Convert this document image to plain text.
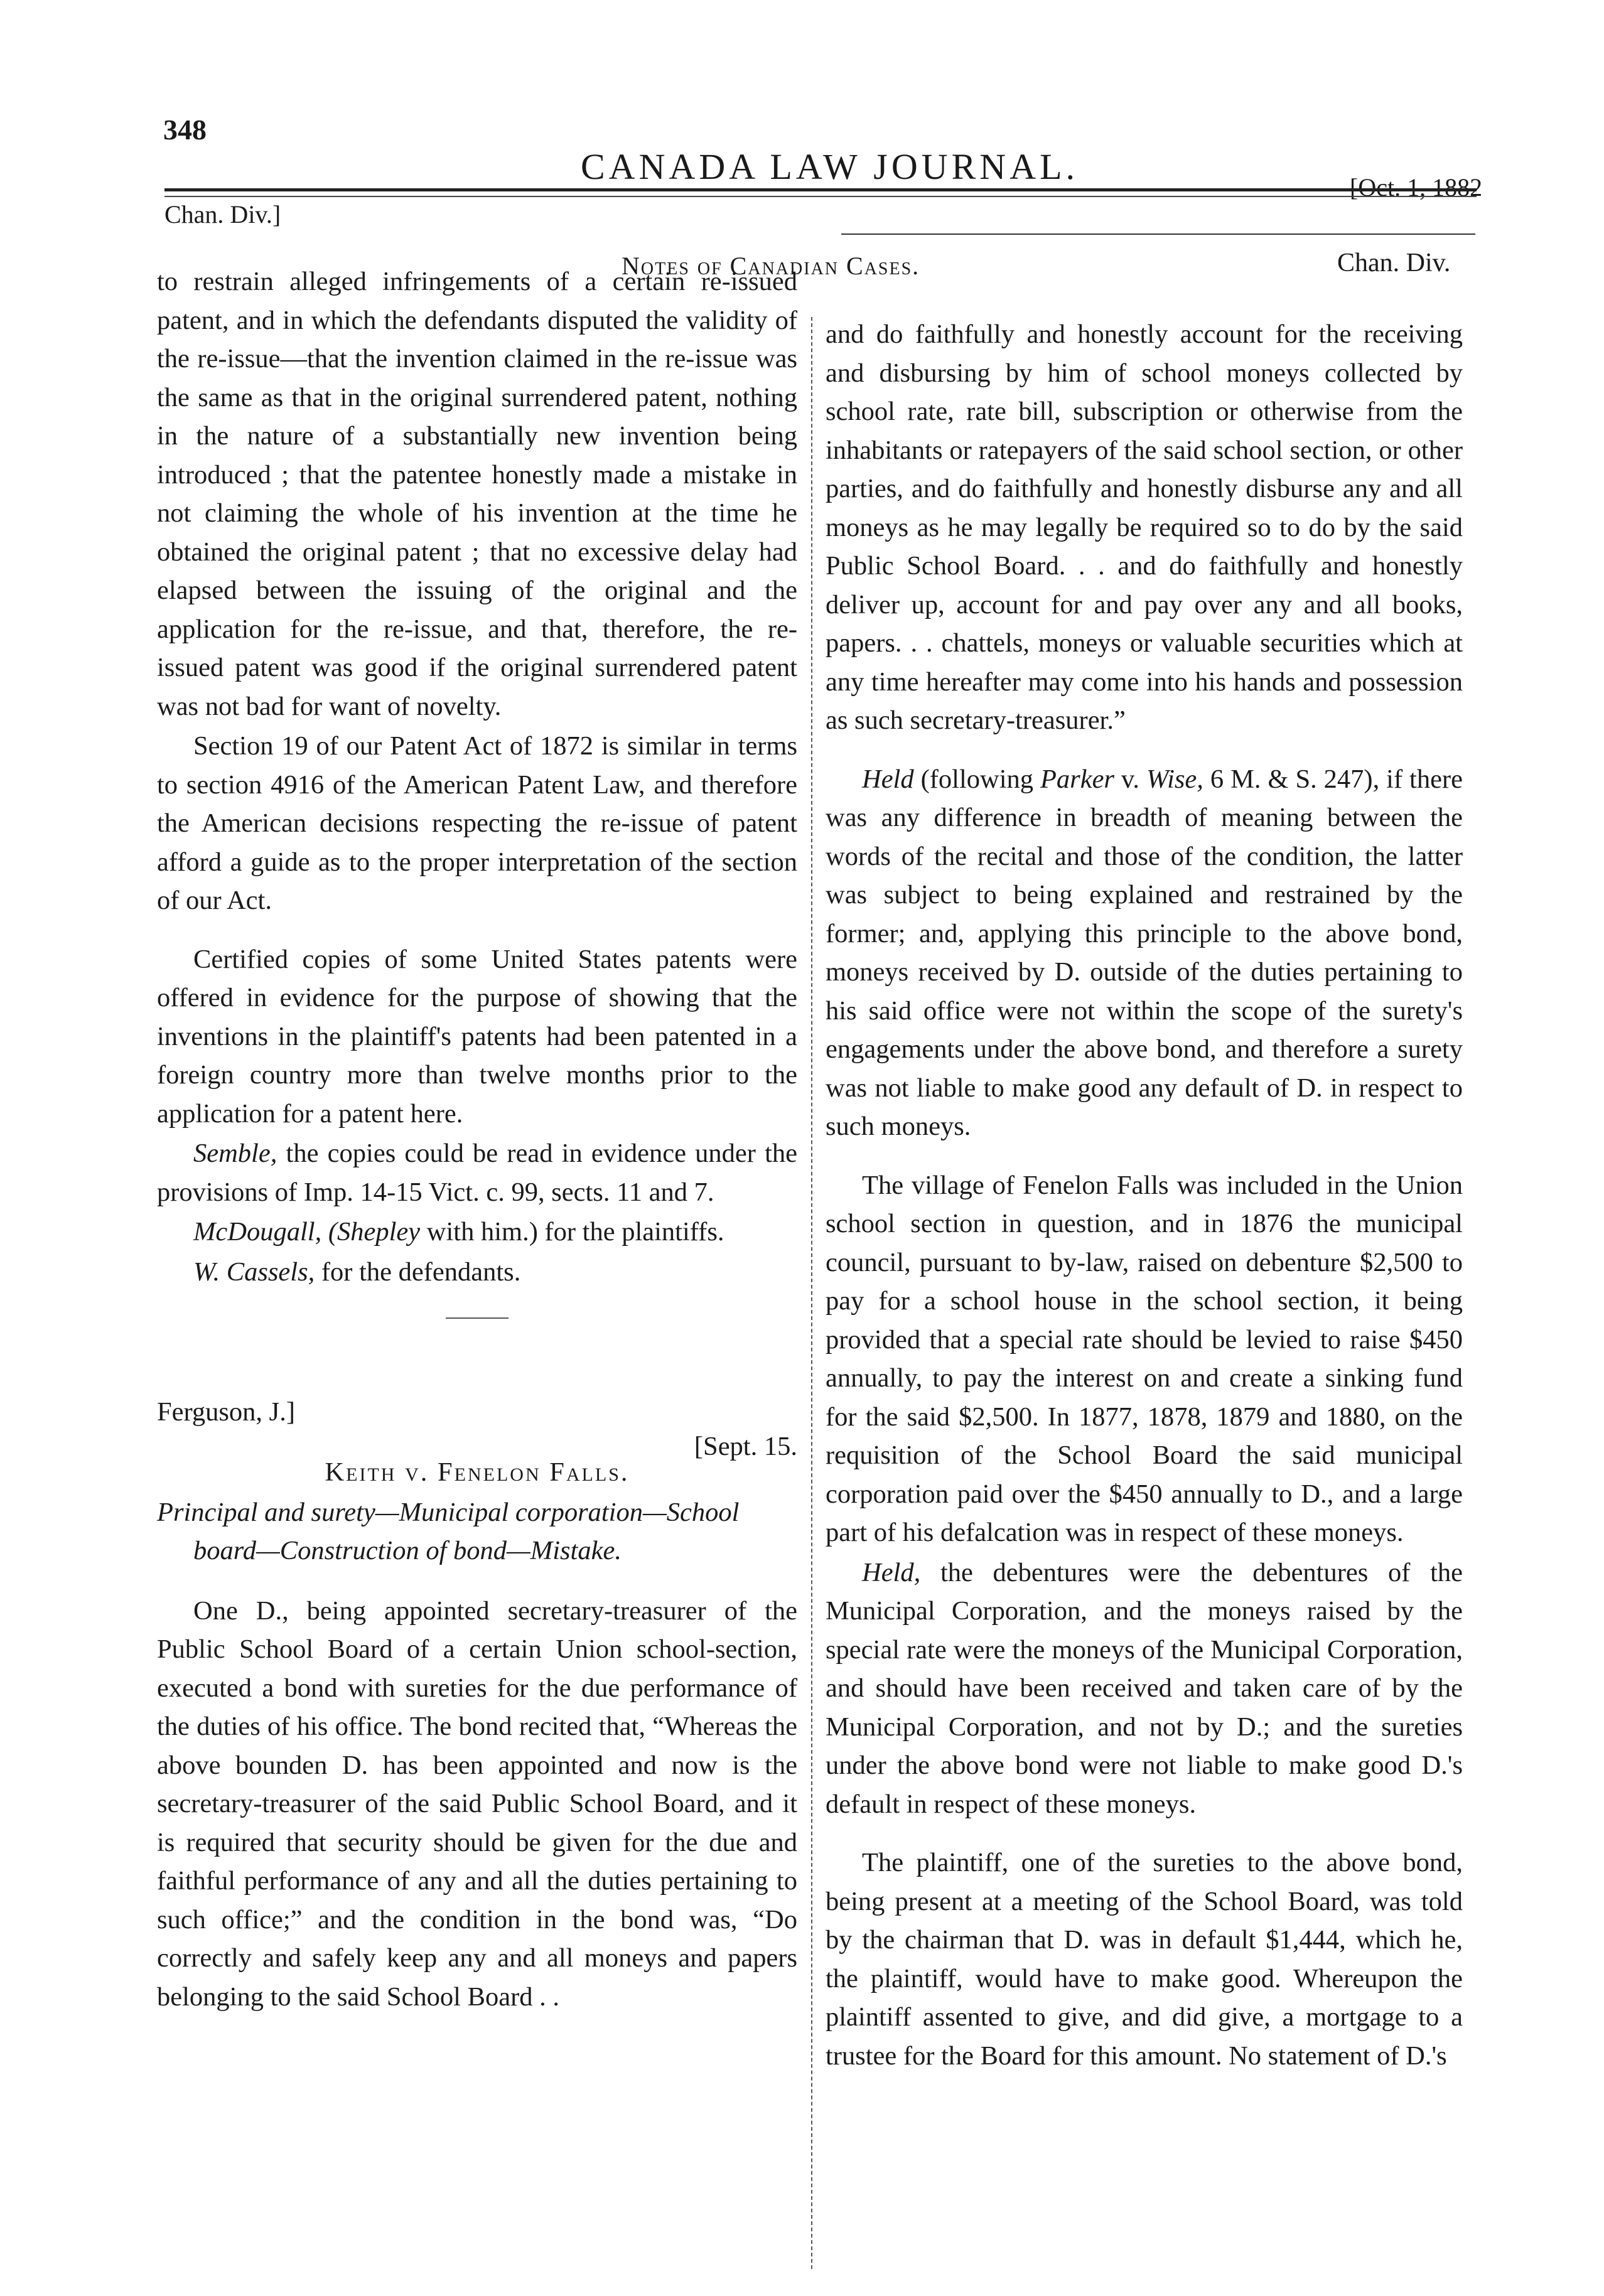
348
CANADA LAW JOURNAL.
[Oct. 1, 1882
Chan. Div.]
Notes of Canadian Cases.	Chan. Div.

to restrain alleged infringements of a certain re-issued patent, and in which the defendants disputed the validity of the re-issue—that the invention claimed in the re-issue was the same as that in the original surrendered patent, nothing in the nature of a substantially new invention being introduced ; that the patentee honestly made a mistake in not claiming the whole of his invention at the time he obtained the original patent ; that no excessive delay had elapsed between the issuing of the original and the application for the re-issue, and that, therefore, the re-issued patent was good if the original surrendered patent was not bad for want of novelty.

Section 19 of our Patent Act of 1872 is similar in terms to section 4916 of the American Patent Law, and therefore the American decisions respecting the re-issue of patent afford a guide as to the proper interpretation of the section of our Act.

Certified copies of some United States patents were offered in evidence for the purpose of showing that the inventions in the plaintiff's patents had been patented in a foreign country more than twelve months prior to the application for a patent here.

Semble, the copies could be read in evidence under the provisions of Imp. 14-15 Vict. c. 99, sects. 11 and 7.

McDougall, (Shepley with him.) for the plaintiffs.

W. Cassels, for the defendants.

Ferguson, J.]
[Sept. 15.

Keith v. Fenelon Falls.

Principal and surety—Municipal corporation—School board—Construction of bond—Mistake.

One D., being appointed secretary-treasurer of the Public School Board of a certain Union school-section, executed a bond with sureties for the due performance of the duties of his office. The bond recited that, “Whereas the above bounden D. has been appointed and now is the secretary-treasurer of the said Public School Board, and it is required that security should be given for the due and faithful performance of any and all the duties pertaining to such office;” and the condition in the bond was, “Do correctly and safely keep any and all moneys and papers belonging to the said School Board . .

and do faithfully and honestly account for the receiving and disbursing by him of school moneys collected by school rate, rate bill, subscription or otherwise from the inhabitants or ratepayers of the said school section, or other parties, and do faithfully and honestly disburse any and all moneys as he may legally be required so to do by the said Public School Board. . . and do faithfully and honestly deliver up, account for and pay over any and all books, papers. . . chattels, moneys or valuable securities which at any time hereafter may come into his hands and possession as such secretary-treasurer.”

Held (following Parker v. Wise, 6 M. & S. 247), if there was any difference in breadth of meaning between the words of the recital and those of the condition, the latter was subject to being explained and restrained by the former; and, applying this principle to the above bond, moneys received by D. outside of the duties pertaining to his said office were not within the scope of the surety's engagements under the above bond, and therefore a surety was not liable to make good any default of D. in respect to such moneys.

The village of Fenelon Falls was included in the Union school section in question, and in 1876 the municipal council, pursuant to by-law, raised on debenture $2,500 to pay for a school house in the school section, it being provided that a special rate should be levied to raise $450 annually, to pay the interest on and create a sinking fund for the said $2,500. In 1877, 1878, 1879 and 1880, on the requisition of the School Board the said municipal corporation paid over the $450 annually to D., and a large part of his defalcation was in respect of these moneys.

Held, the debentures were the debentures of the Municipal Corporation, and the moneys raised by the special rate were the moneys of the Municipal Corporation, and should have been received and taken care of by the Municipal Corporation, and not by D.; and the sureties under the above bond were not liable to make good D.'s default in respect of these moneys.

The plaintiff, one of the sureties to the above bond, being present at a meeting of the School Board, was told by the chairman that D. was in default $1,444, which he, the plaintiff, would have to make good. Whereupon the plaintiff assented to give, and did give, a mortgage to a trustee for the Board for this amount. No statement of D.'s
